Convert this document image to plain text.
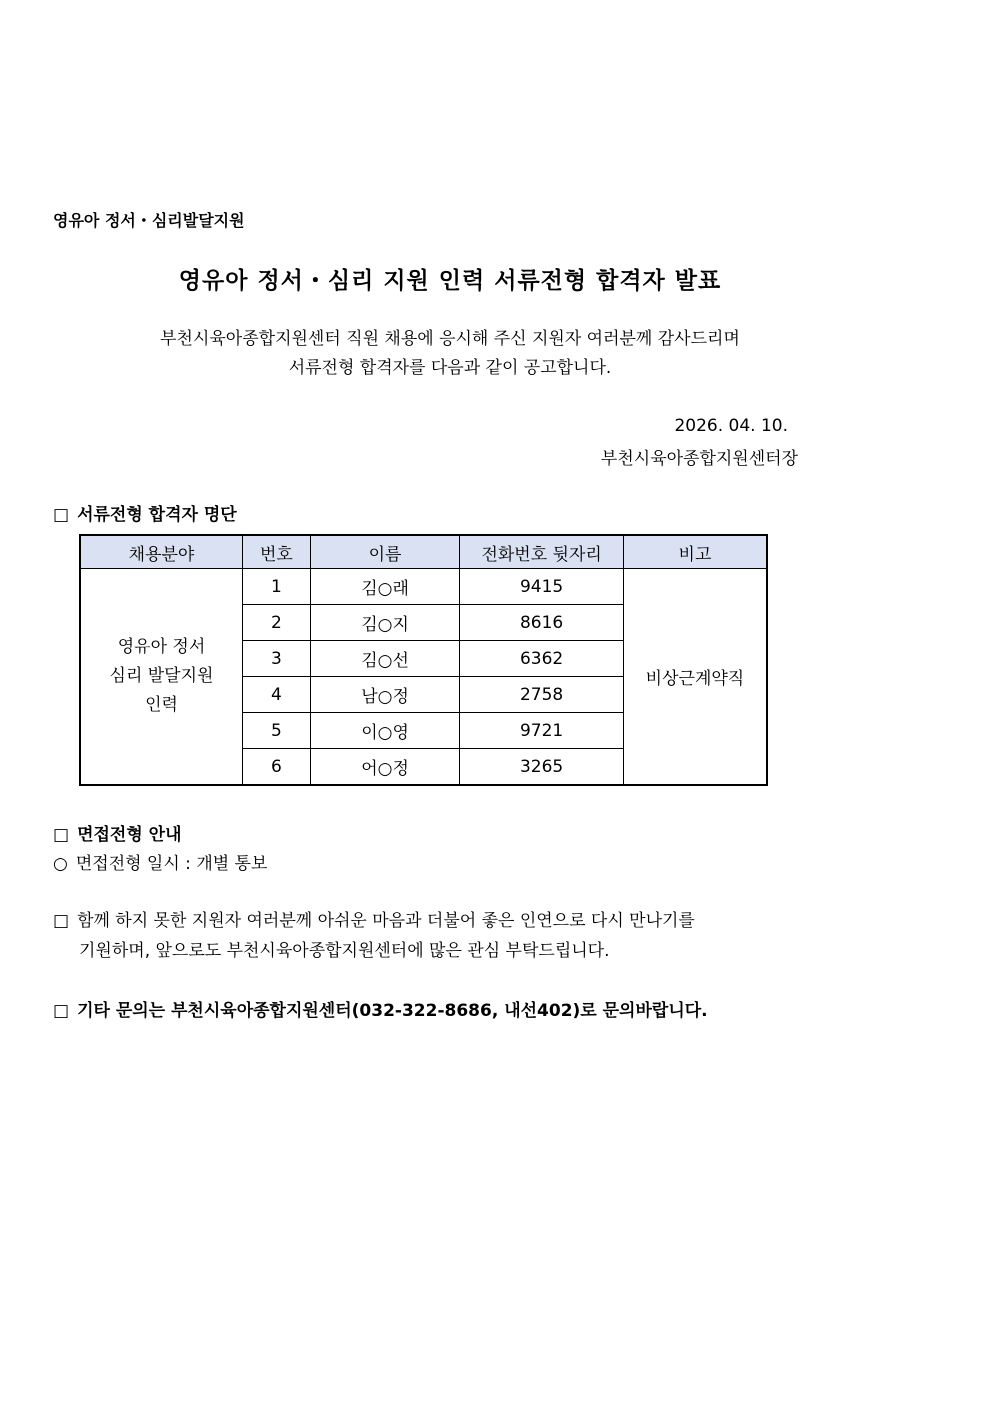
영유아 정서・심리발달지원
영유아 정서・심리 지원 인력 서류전형 합격자 발표
부천시육아종합지원센터 직원 채용에 응시해 주신 지원자 여러분께 감사드리며
서류전형 합격자를 다음과 같이 공고합니다.
2026. 04. 10.
부천시육아종합지원센터장
□ 서류전형 합격자 명단
채용분야	번호	이름	전화번호 뒷자리	비고

영유아 정서
심리 발달지원
인력	1	김○래	9415	비상근계약직
	2	김○지	8616	
	3	김○선	6362	
	4	남○정	2758	
	5	이○영	9721	
	6	어○정	3265	
□ 면접전형 안내
○ 면접전형 일시 : 개별 통보
□ 함께 하지 못한 지원자 여러분께 아쉬운 마음과 더불어 좋은 인연으로 다시 만나기를
기원하며, 앞으로도 부천시육아종합지원센터에 많은 관심 부탁드립니다.
□ 기타 문의는 부천시육아종합지원센터(032-322-8686, 내선402)로 문의바랍니다.
